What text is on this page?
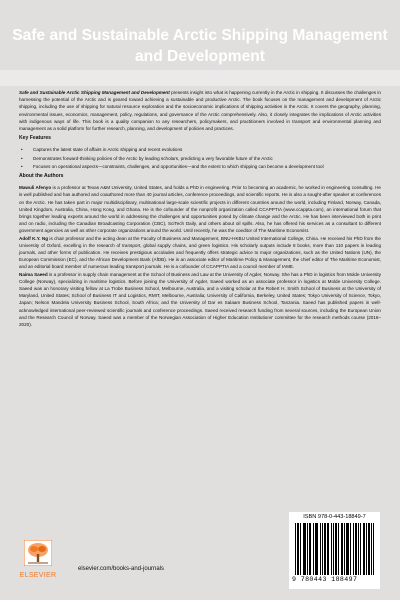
Safe and Sustainable Arctic Shipping Management and Development

Safe and Sustainable Arctic Shipping Management and Development presents insight into what is happening currently in the Arctic in shipping. It discusses the challenges in harnessing the potential of the Arctic and is geared toward achieving a sustainable and productive Arctic. The book focuses on the management and development of Arctic shipping, including the use of shipping for natural resource exploration and the socioeconomic implications of shipping activities in the Arctic. It covers the geography, planning, environmental issues, economics, management, policy, regulations, and governance of the Arctic comprehensively. Also, it closely integrates the implications of Arctic activities with indigenous ways of life. This book is a quality companion to any researchers, policymakers, and practitioners involved in transport and environmental planning and management as a solid platform for further research, planning, and development of policies and practices.

Key Features
• Captures the latest state of affairs in Arctic shipping and recent evolutions
• Demonstrates forward-thinking policies of the Arctic by leading scholars, predicting a very favorable future of the Arctic
• Focuses on operational aspects—constraints, challenges, and opportunities—and the extent to which shipping can become a development tool
About the Authors

Mawuli Afenyo is a professor at Texas A&M University, United States, and holds a PhD in engineering. Prior to becoming an academic, he worked in engineering consulting. He is well published and has authored and coauthored more than 40 journal articles, conference proceedings, and scientific reports. He is also a sought-after speaker at conferences on the Arctic. He has taken part in major multidisciplinary, multinational large-scale scientific projects in different countries around the world, including Finland, Norway, Canada, United Kingdom, Australia, China, Hong Kong, and Ghana. He is the cofounder of the nonprofit organization called CCAPPTIA (www.ccappta.com), an international forum that brings together leading experts around the world in addressing the challenges and opportunities posed by climate change and the Arctic. He has been interviewed both in print and on radio, including the Canadian Broadcasting Corporation (CBC), SciTech Daily, and others about oil spills. Also, he has offered his services as a consultant to different government agencies as well as other corporate organizations around the world. Until recently, he was the coeditor of The Maritime Economist.

Adolf K.Y. Ng is chair professor and the acting dean at the Faculty of Business and Management, BNU-HKBU United International College, China. He received his PhD from the University of Oxford, excelling in the research of transport, global supply chains, and green logistics. His scholarly outputs include 8 books, more than 110 papers in leading journals, and other forms of publication. He receives prestigious accolades and frequently offers strategic advice to major organizations, such as the United Nations (UN), the European Commission (EC), and the African Development Bank (AfDB). He is an associate editor of Maritime Policy & Management, the chief editor of The Maritime Economist, and an editorial board member of numerous leading transport journals. He is a cofounder of CCAPPTIA and a council member of IAME.

Naima Saeed is a professor in supply chain management at the School of Business and Law at the University of Agder, Norway. She has a PhD in logistics from Molde University College (Norway), specializing in maritime logistics. Before joining the University of Agder, Saeed worked as an associate professor in logistics at Molde University College. Saeed was an honorary visiting fellow at La Trobe Business School, Melbourne, Australia, and a visiting scholar at the Robert H. Smith School of Business at the University of Maryland, United States; School of Business IT and Logistics, RMIT, Melbourne, Australia; University of California, Berkeley, United States; Tokyo University of Science, Tokyo, Japan; Nelson Mandela University Business School, South Africa; and the University of Dar es Salaam Business School, Tanzania. Saeed has published papers in well-acknowledged international peer-reviewed scientific journals and conference proceedings. Saeed received research funding from several sources, including the European Union and the Research Council of Norway. Saeed was a member of the Norwegian Association of Higher Education Institutions' committee for the research methods course (2016–2020).

ELSEVIER
elsevier.com/books-and-journals
ISBN 978-0-443-18849-7
9 780443 188497
